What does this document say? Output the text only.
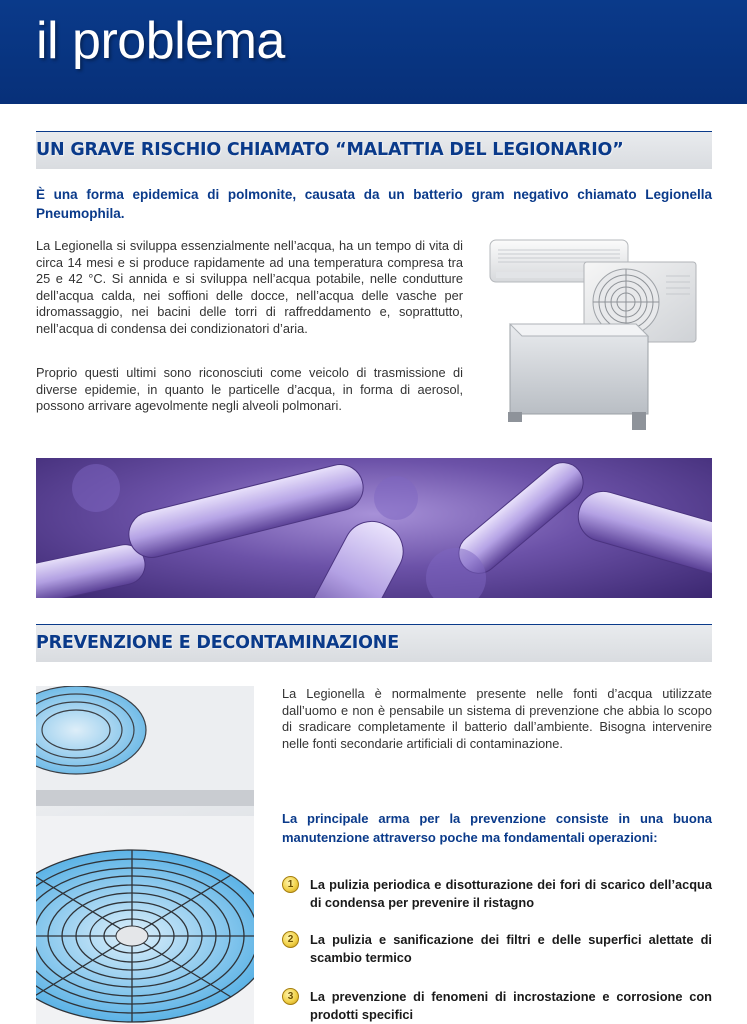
il problema
UN GRAVE RISCHIO CHIAMATO “MALATTIA DEL LEGIONARIO”
È una forma epidemica di polmonite, causata da un batterio gram negativo chiamato Legionella Pneumophila.
La Legionella si sviluppa essenzialmente nell’acqua, ha un tempo di vita di circa 14 mesi e si produce rapidamente ad una temperatura compresa tra 25 e 42 °C. Si annida e si sviluppa nell’acqua potabile, nelle condutture dell’acqua calda, nei soffioni delle docce, nell’acqua delle vasche per idromassaggio, nei bacini delle torri di raffreddamento e, soprattutto, nell’acqua di condensa dei condizionatori d’aria.
Proprio questi ultimi sono riconosciuti come veicolo di trasmissione di diverse epidemie, in quanto le particelle d’acqua, in forma di aerosol, possono arrivare agevolmente negli alveoli polmonari.
PREVENZIONE E DECONTAMINAZIONE
La Legionella è normalmente presente nelle fonti d’acqua utilizzate dall’uomo e non è pensabile un sistema di prevenzione che abbia lo scopo di sradicare completamente il batterio dall’ambiente. Bisogna intervenire nelle fonti secondarie artificiali di contaminazione.
La principale arma per la prevenzione consiste in una buona manutenzione attraverso poche ma fondamentali operazioni:
1	La pulizia periodica e disotturazione dei fori di scarico dell’acqua di condensa per prevenire il ristagno
2	La pulizia e sanificazione dei filtri e delle superfici alettate di scambio termico
3	La prevenzione di fenomeni di incrostazione e corrosione con prodotti specifici
